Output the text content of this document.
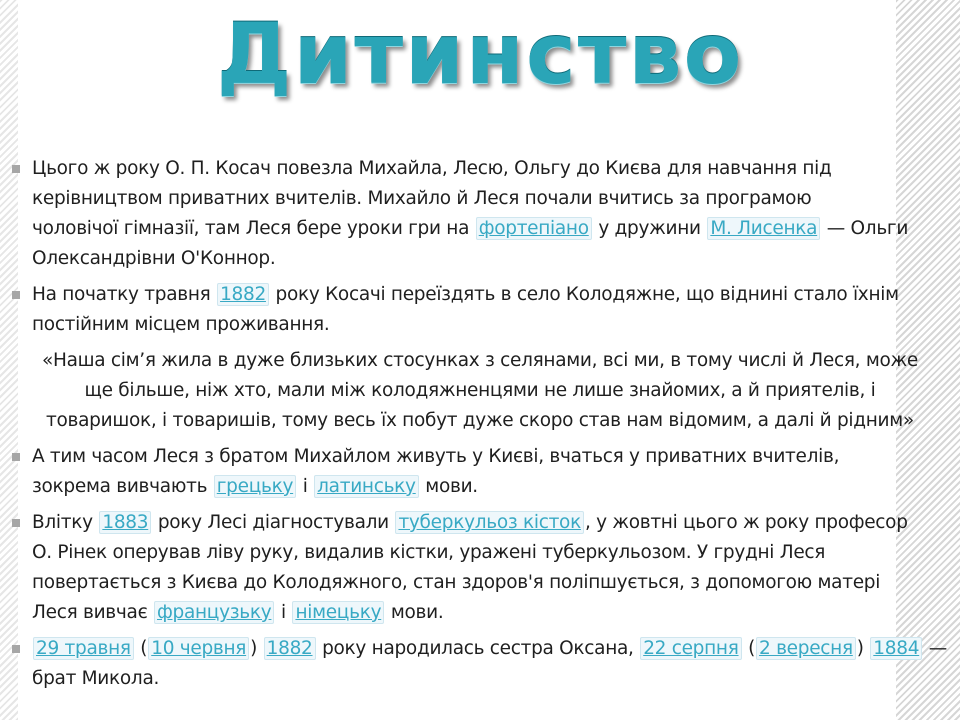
Дитинство
Цього ж року О. П. Косач повезла Михайла, Лесю, Ольгу до Києва для навчання під
керівництвом приватних вчителів. Михайло й Леся почали вчитись за програмою
чоловічої гімназії, там Леся бере уроки гри на фортепіано у дружини М. Лисенка — Ольги
Олександрівни О'Коннор.
На початку травня 1882 року Косачі переїздять в село Колодяжне, що віднині стало їхнім
постійним місцем проживання.
«Наша сім’я жила в дуже близьких стосунках з селянами, всі ми, в тому числі й Леся, може
ще більше, ніж хто, мали між колодяжненцями не лише знайомих, а й приятелів, і
товаришок, і товаришів, тому весь їх побут дуже скоро став нам відомим, а далі й рідним»
А тим часом Леся з братом Михайлом живуть у Києві, вчаться у приватних вчителів,
зокрема вивчають грецьку і латинську мови.
Влітку 1883 року Лесі діагностували туберкульоз кісток , у жовтні цього ж року професор
О. Рінек оперував ліву руку, видалив кістки, уражені туберкульозом. У грудні Леся
повертається з Києва до Колодяжного, стан здоров'я поліпшується, з допомогою матері
Леся вивчає французьку і німецьку мови.
29 травня ( 10 червня ) 1882 року народилась сестра Оксана, 22 серпня ( 2 вересня ) 1884 —
брат Микола.
